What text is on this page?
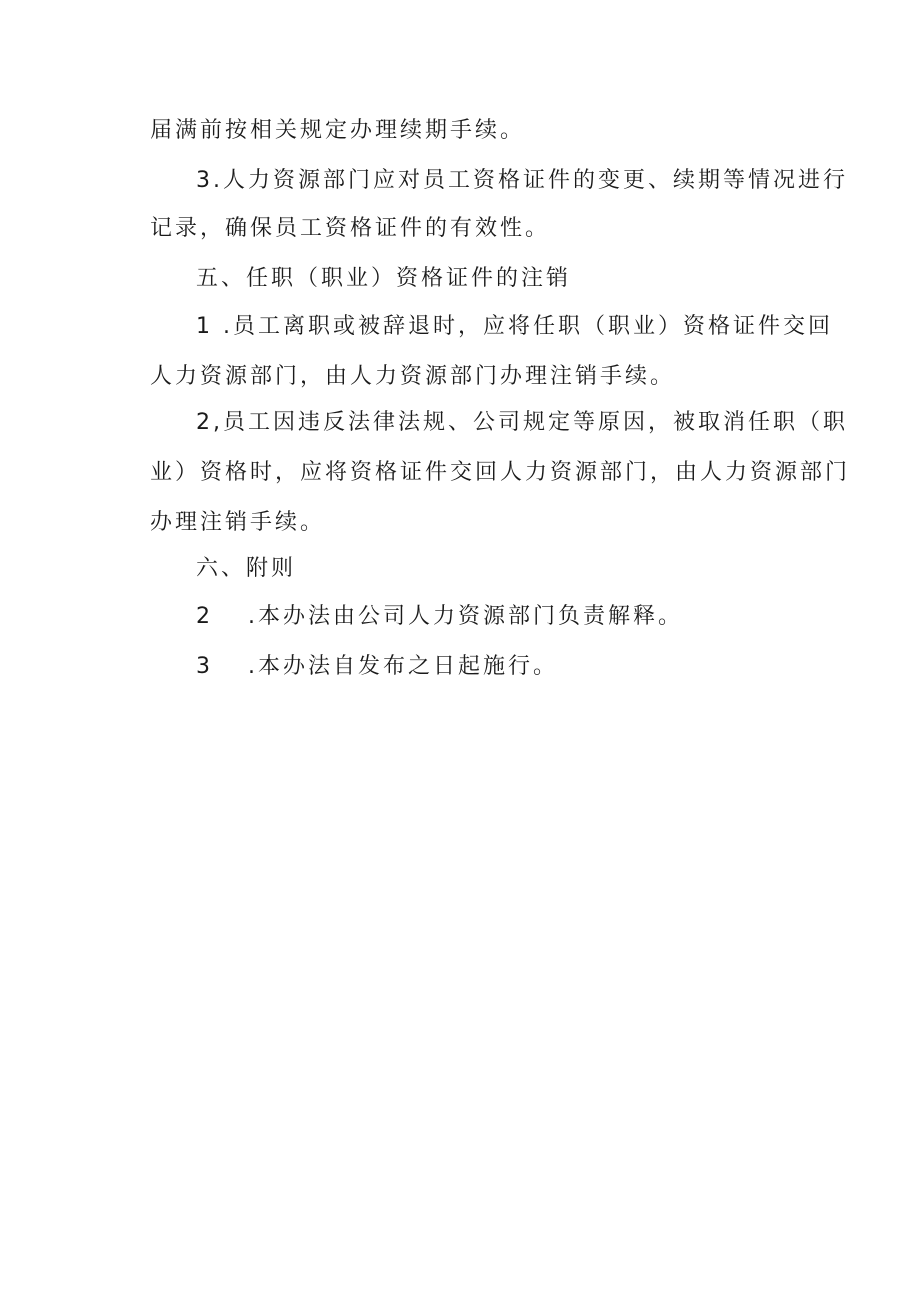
届满前按相关规定办理续期手续。
3.人力资源部门应对员工资格证件的变更、续期等情况进行
记录，确保员工资格证件的有效性。
五、任职（职业）资格证件的注销
1 .员工离职或被辞退时，应将任职（职业）资格证件交回
人力资源部门，由人力资源部门办理注销手续。
2,员工因违反法律法规、公司规定等原因，被取消任职（职
业）资格时，应将资格证件交回人力资源部门，由人力资源部门
办理注销手续。
六、附则
2 .本办法由公司人力资源部门负责解释。
3 .本办法自发布之日起施行。
